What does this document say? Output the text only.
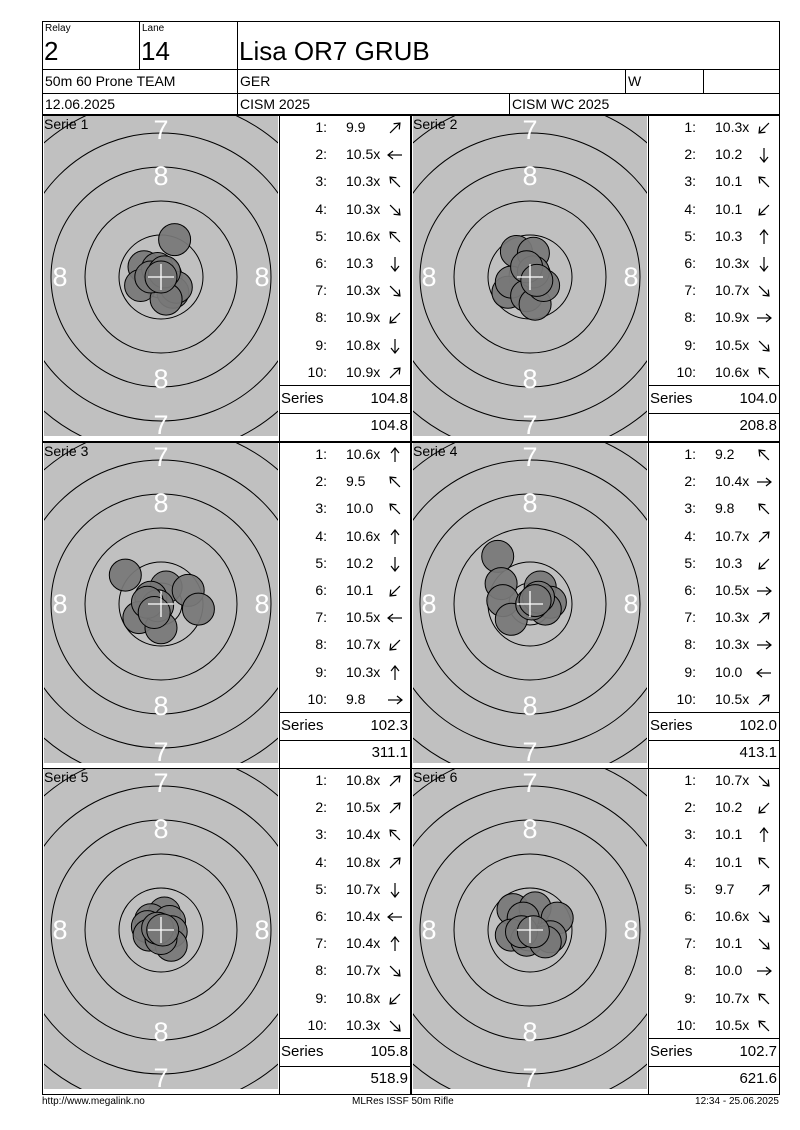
Relay
2
Lane
14	Lisa OR7 GRUB
50m 60 Prone TEAM	GER	W
12.06.2025	CISM 2025	CISM WC 2025
7
8
8	8
8
7
Serie 1	1: 9.9
2: 10.5x
3: 10.3x
4: 10.3x
5: 10.6x
6: 10.3
7: 10.3x
8: 10.9x
9: 10.8x
10: 10.9x
Series	104.8
104.8
7
8
8	8
8
7
Serie 2	1: 10.3x
2: 10.2
3: 10.1
4: 10.1
5: 10.3
6: 10.3x
7: 10.7x
8: 10.9x
9: 10.5x
10: 10.6x
Series	104.0
208.8
7
8
8	8
8
7
Serie 3	1: 10.6x
2: 9.5
3: 10.0
4: 10.6x
5: 10.2
6: 10.1
7: 10.5x
8: 10.7x
9: 10.3x
10: 9.8
Series	102.3
311.1
7
8
8	8
8
7
Serie 4	1: 9.2
2: 10.4x
3: 9.8
4: 10.7x
5: 10.3
6: 10.5x
7: 10.3x
8: 10.3x
9: 10.0
10: 10.5x
Series	102.0
413.1
7
8
8	8
8
7
Serie 5	1: 10.8x
2: 10.5x
3: 10.4x
4: 10.8x
5: 10.7x
6: 10.4x
7: 10.4x
8: 10.7x
9: 10.8x
10: 10.3x
Series	105.8
518.9
7
8
8	8
8
7
Serie 6	1: 10.7x
2: 10.2
3: 10.1
4: 10.1
5: 9.7
6: 10.6x
7: 10.1
8: 10.0
9: 10.7x
10: 10.5x
Series	102.7
621.6
http://www.megalink.no	MLRes ISSF 50m Rifle	12:34 - 25.06.2025
